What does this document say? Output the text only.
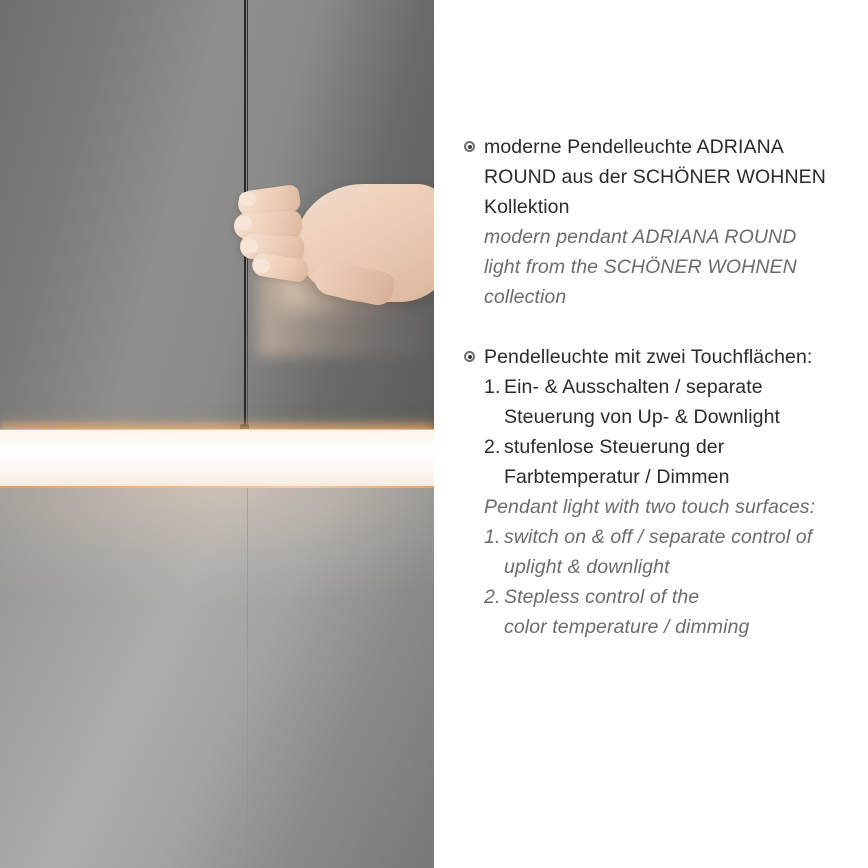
moderne Pendelleuchte ADRIANA
ROUND aus der SCHÖNER WOHNEN
Kollektion
modern pendant ADRIANA ROUND
light from the SCHÖNER WOHNEN
collection
Pendelleuchte mit zwei Touchflächen:
1. Ein- & Ausschalten / separate
Steuerung von Up- & Downlight
2. stufenlose Steuerung der
Farbtemperatur / Dimmen
Pendant light with two touch surfaces:
1. switch on & off / separate control of
uplight & downlight
2. Stepless control of the
color temperature / dimming
